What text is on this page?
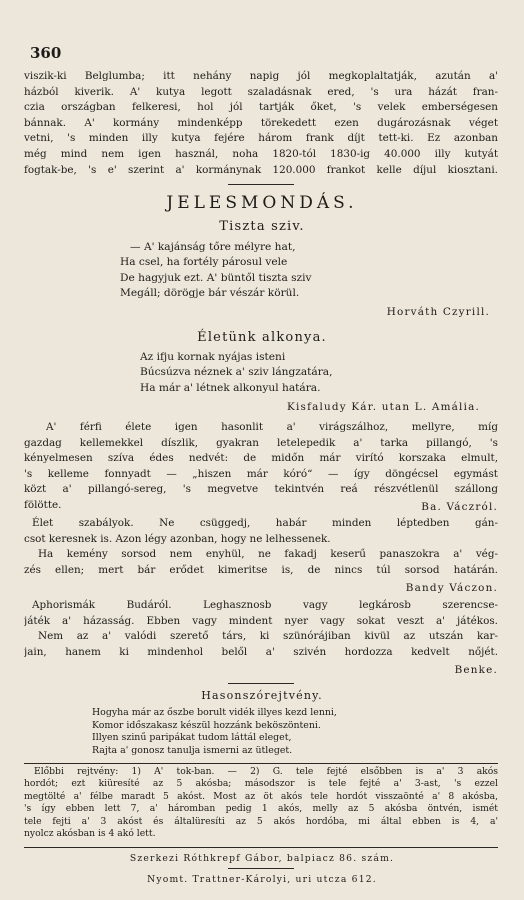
360
viszik-ki Belglumba; itt nehány napig jól megkoplaltatják, azután a'
házból kiverik. A' kutya legott szaladásnak ered, 's ura házát fran-
czia országban felkeresi, hol jól tartják őket, 's velek emberségesen
bánnak. A' kormány mindenképp törekedett ezen dugározásnak véget
vetni, 's minden illy kutya fejére három frank díjt tett-ki. Ez azonban
még mind nem igen használ, noha 1820-tól 1830-ig 40.000 illy kutyát
fogtak-be, 's e' szerint a' kormánynak 120.000 frankot kelle díjul kiosztani.
JELESMONDÁS.
Tiszta sziv.
— A' kajánság tőre mélyre hat,
Ha csel, ha fortély párosul vele
De hagyjuk ezt. A' büntől tiszta sziv
Megáll; dörögje bár vészár körül.
Horváth Czyrill.
Életünk alkonya.
Az ifju kornak nyájas isteni
Búcsúzva néznek a' sziv lángzatára,
Ha már a' létnek alkonyul határa.
Kisfaludy Kár. utan L. Amália.
A' férfi élete igen hasonlit a' virágszálhoz, mellyre, míg
gazdag kellemekkel díszlik, gyakran letelepedik a' tarka pillangó, 's
kényelmesen szíva édes nedvét: de midőn már virító korszaka elmult,
's kelleme fonnyadt — „hiszen már kóró“ — így döngécsel egymást
közt a' pillangó-sereg, 's megvetve tekintvén reá részvétlenül szállong
fölötte.	Ba. Váczról.
Élet szabályok. Ne csüggedj, habár minden léptedben gán-
csot keresnek is. Azon légy azonban, hogy ne lelhessenek.
Ha kemény sorsod nem enyhül, ne fakadj keserű panaszokra a' vég-
zés ellen; mert bár erődet kimeritse is, de nincs túl sorsod határán.
Bandy Váczon.
Aphorismák Budáról. Leghasznosb vagy legkárosb szerencse-
játék a' házasság. Ebben vagy mindent nyer vagy sokat veszt a' játékos.
Nem az a' valódi szerető társ, ki szünórájiban kivül az utszán kar-
jain, hanem ki mindenhol belől a' szivén hordozza kedvelt nőjét.
Benke.
Hasonszórejtvény.
Hogyha már az őszbe borult vidék illyes kezd lenni,
Komor időszakasz készül hozzánk beköszönteni.
Illyen szinű paripákat tudom láttál eleget,
Rajta a' gonosz tanulja ismerni az ütleget.
Előbbi rejtvény: 1) A' tok-ban. — 2) G. tele fejté elsőbben is a' 3 akós
hordót; ezt kiüresíté az 5 akósba; másodszor is tele fejté a' 3-ast, 's ezzel
megtölté a' félbe maradt 5 akóst. Most az öt akós tele hordót visszaönté a' 8 akósba,
's így ebben lett 7, a' háromban pedig 1 akós, melly az 5 akósba öntvén, ismét
tele fejti a' 3 akóst és általüresíti az 5 akós hordóba, mi által ebben is 4, a'
nyolcz akósban is 4 akó lett.
Szerkezi Róthkrepf Gábor, balpiacz 86. szám.
Nyomt. Trattner-Károlyi, uri utcza 612.
